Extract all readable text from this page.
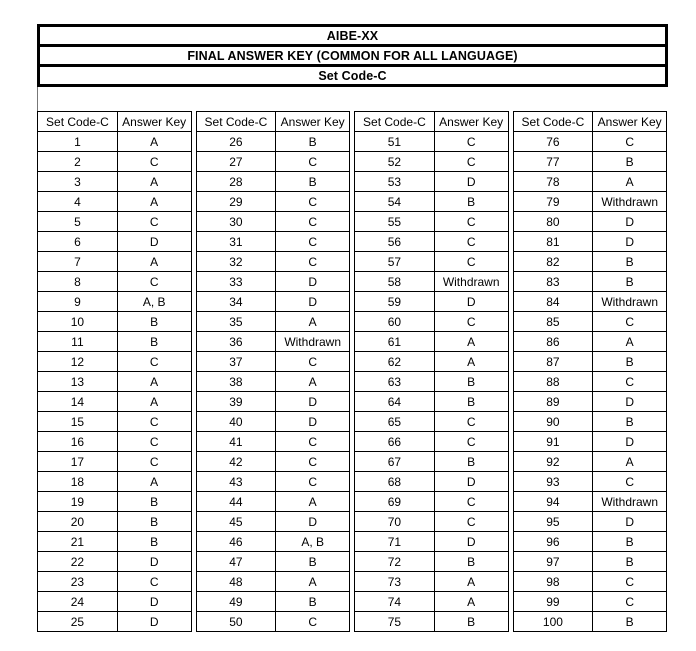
AIBE-XX
FINAL ANSWER KEY (COMMON FOR ALL LANGUAGE)
Set Code-C
Set Code-C	Answer Key
1	A
2	C
3	A
4	A
5	C
6	D
7	A
8	C
9	A, B
10	B
11	B
12	C
13	A
14	A
15	C
16	C
17	C
18	A
19	B
20	B
21	B
22	D
23	C
24	D
25	D
Set Code-C	Answer Key
26	B
27	C
28	B
29	C
30	C
31	C
32	C
33	D
34	D
35	A
36	Withdrawn
37	C
38	A
39	D
40	D
41	C
42	C
43	C
44	A
45	D
46	A, B
47	B
48	A
49	B
50	C
Set Code-C	Answer Key
51	C
52	C
53	D
54	B
55	C
56	C
57	C
58	Withdrawn
59	D
60	C
61	A
62	A
63	B
64	B
65	C
66	C
67	B
68	D
69	C
70	C
71	D
72	B
73	A
74	A
75	B
Set Code-C	Answer Key
76	C
77	B
78	A
79	Withdrawn
80	D
81	D
82	B
83	B
84	Withdrawn
85	C
86	A
87	B
88	C
89	D
90	B
91	D
92	A
93	C
94	Withdrawn
95	D
96	B
97	B
98	C
99	C
100	B
